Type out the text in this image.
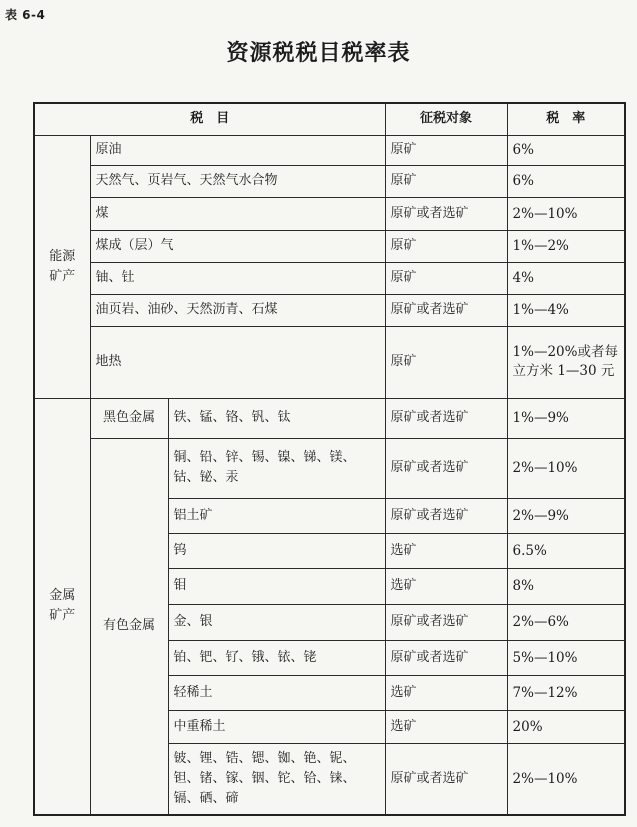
表 6-4
资源税税目税率表
税　目			征税对象	税　率
能源矿产	原油		原矿	6%
	天然气、页岩气、天然气水合物		原矿	6%
	煤		原矿或者选矿	2%—10%
	煤成（层）气		原矿	1%—2%
	铀、钍		原矿	4%
	油页岩、油砂、天然沥青、石煤		原矿或者选矿	1%—4%
	地热		原矿	1%—20%或者每立方米 1—30 元
金属矿产	黑色金属	铁、锰、铬、钒、钛	原矿或者选矿	1%—9%
	有色金属	铜、铅、锌、锡、镍、锑、镁、钴、铋、汞	原矿或者选矿	2%—10%
		铝土矿	原矿或者选矿	2%—9%
		钨	选矿	6.5%
		钼	选矿	8%
		金、银	原矿或者选矿	2%—6%
		铂、钯、钌、锇、铱、铑	原矿或者选矿	5%—10%
		轻稀土	选矿	7%—12%
		中重稀土	选矿	20%
		铍、锂、锆、锶、铷、铯、铌、钽、锗、镓、铟、铊、铪、铼、镉、硒、碲	原矿或者选矿	2%—10%
